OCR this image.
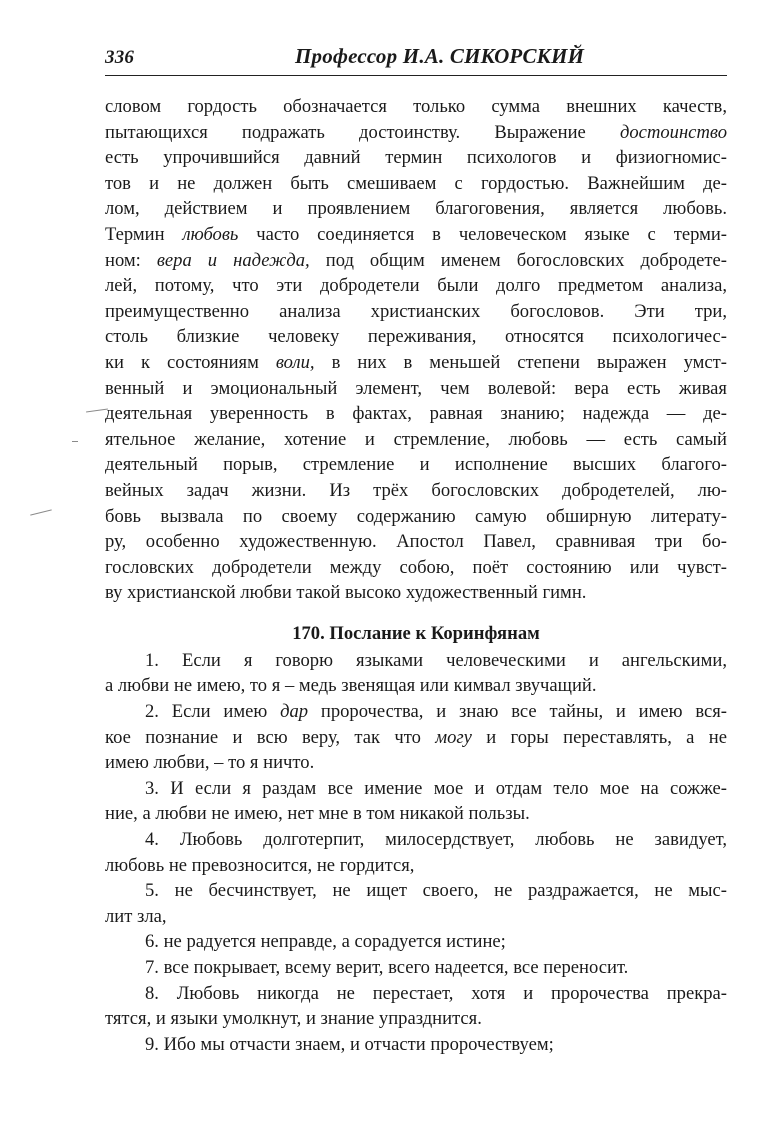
336	Профессор И.А. СИКОРСКИЙ
словом гордость обозначается только сумма внешних качеств,
пытающихся подражать достоинству. Выражение достоинство
есть упрочившийся давний термин психологов и физиогномис-
тов и не должен быть смешиваем с гордостью. Важнейшим де-
лом, действием и проявлением благоговения, является любовь.
Термин любовь часто соединяется в человеческом языке с терми-
ном: вера и надежда, под общим именем богословских добродете-
лей, потому, что эти добродетели были долго предметом анализа,
преимущественно анализа христианских богословов. Эти три,
столь близкие человеку переживания, относятся психологичес-
ки к состояниям воли, в них в меньшей степени выражен умст-
венный и эмоциональный элемент, чем волевой: вера есть живая
деятельная уверенность в фактах, равная знанию; надежда — де-
ятельное желание, хотение и стремление, любовь — есть самый
деятельный порыв, стремление и исполнение высших благого-
вейных задач жизни. Из трёх богословских добродетелей, лю-
бовь вызвала по своему содержанию самую обширную литерату-
ру, особенно художественную. Апостол Павел, сравнивая три бо-
гословских добродетели между собою, поёт состоянию или чувст-
ву христианской любви такой высоко художественный гимн.
170. Послание к Коринфянам
1. Если я говорю языками человеческими и ангельскими,
а любви не имею, то я – медь звенящая или кимвал звучащий.
2. Если имею дар пророчества, и знаю все тайны, и имею вся-
кое познание и всю веру, так что могу и горы переставлять, а не
имею любви, – то я ничто.
3. И если я раздам все имение мое и отдам тело мое на сожже-
ние, а любви не имею, нет мне в том никакой пользы.
4. Любовь долготерпит, милосердствует, любовь не завидует,
любовь не превозносится, не гордится,
5. не бесчинствует, не ищет своего, не раздражается, не мыс-
лит зла,
6. не радуется неправде, а сорадуется истине;
7. все покрывает, всему верит, всего надеется, все переносит.
8. Любовь никогда не перестает, хотя и пророчества прекра-
тятся, и языки умолкнут, и знание упразднится.
9. Ибо мы отчасти знаем, и отчасти пророчествуем;
